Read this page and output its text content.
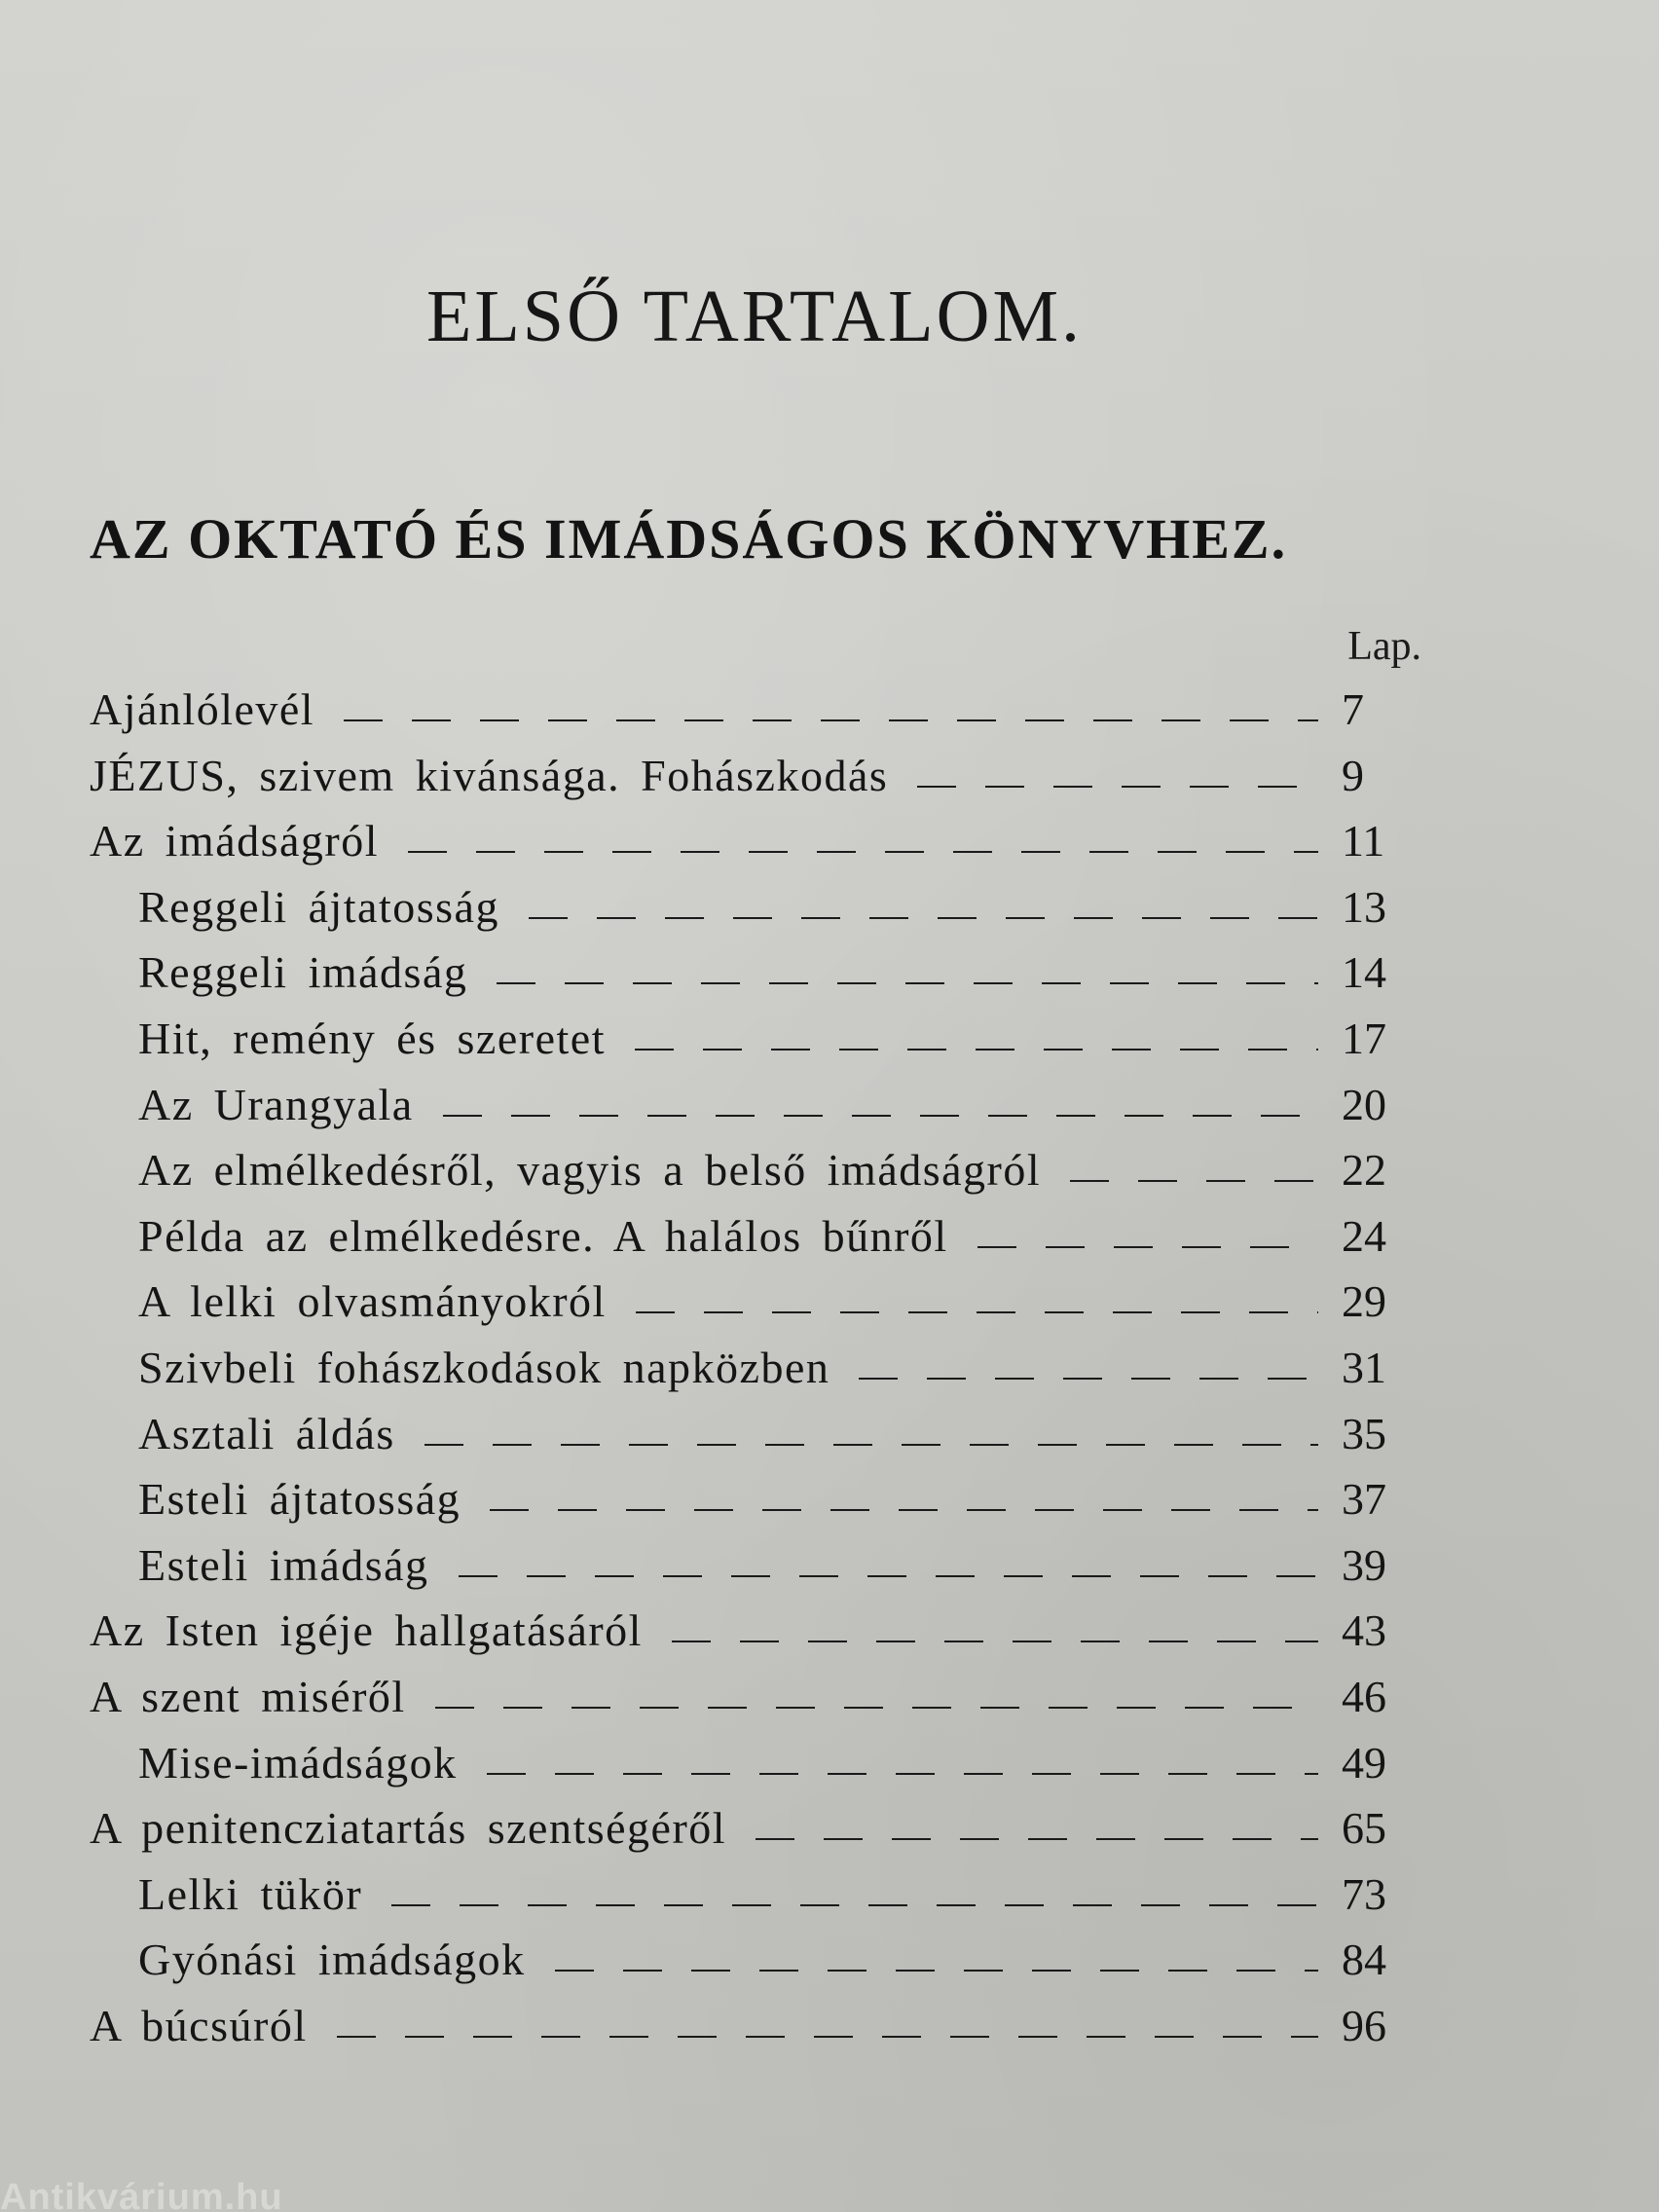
ELSŐ TARTALOM.
AZ OKTATÓ ÉS IMÁDSÁGOS KÖNYVHEZ.
Lap.
Ajánlólevél	7
JÉZUS, szivem kivánsága. Fohászkodás	9
Az imádságról	11
Reggeli ájtatosság	13
Reggeli imádság	14
Hit, remény és szeretet	17
Az Urangyala	20
Az elmélkedésről, vagyis a belső imádságról	22
Példa az elmélkedésre. A halálos bűnről	24
A lelki olvasmányokról	29
Szivbeli fohászkodások napközben	31
Asztali áldás	35
Esteli ájtatosság	37
Esteli imádság	39
Az Isten igéje hallgatásáról	43
A szent miséről	46
Mise-imádságok	49
A penitencziatartás szentségéről	65
Lelki tükör	73
Gyónási imádságok	84
A búcsúról	96
Antikvárium.hu
